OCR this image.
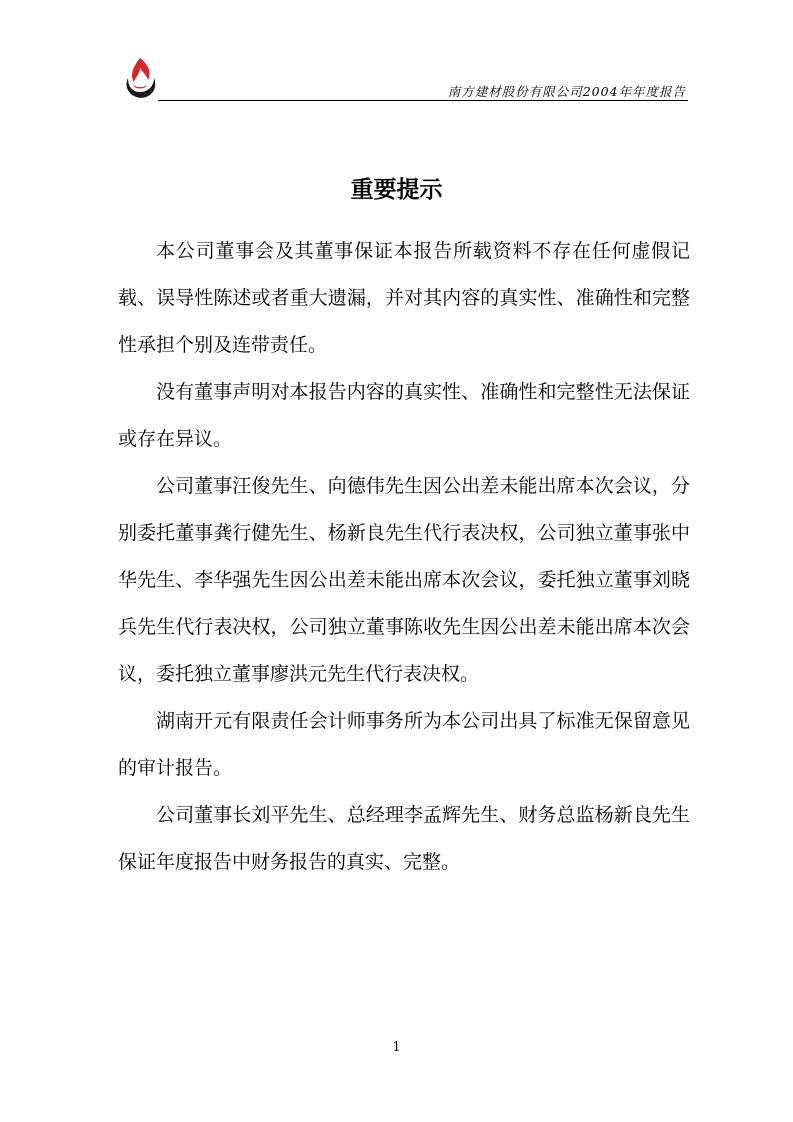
南方建材股份有限公司2004年年度报告
重要提示

本公司董事会及其董事保证本报告所载资料不存在任何虚假记载、误导性陈述或者重大遗漏，并对其内容的真实性、准确性和完整性承担个别及连带责任。

没有董事声明对本报告内容的真实性、准确性和完整性无法保证或存在异议。

公司董事汪俊先生、向德伟先生因公出差未能出席本次会议，分别委托董事龚行健先生、杨新良先生代行表决权，公司独立董事张中华先生、李华强先生因公出差未能出席本次会议，委托独立董事刘晓兵先生代行表决权，公司独立董事陈收先生因公出差未能出席本次会议，委托独立董事廖洪元先生代行表决权。

湖南开元有限责任会计师事务所为本公司出具了标准无保留意见的审计报告。

公司董事长刘平先生、总经理李孟辉先生、财务总监杨新良先生保证年度报告中财务报告的真实、完整。

1
